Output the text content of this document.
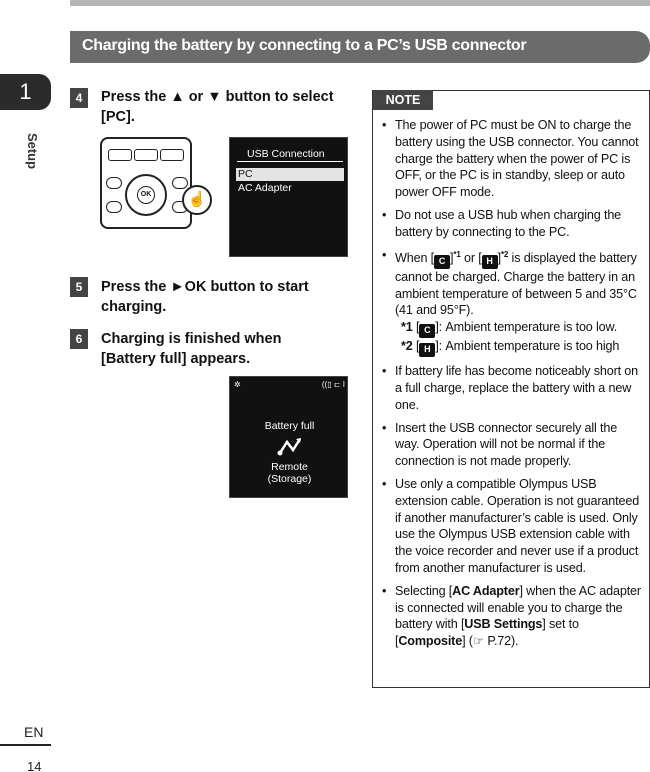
Charging the battery by connecting to a PC’s USB connector
1
Setup
4	Press the ▲ or ▼ button to select
[PC].
OK	☝
USB Connection
PC
AC Adapter
5	Press the ►OK button to start
charging.
6	Charging is finished when
[Battery full] appears.
✲	((▯ ⊏ I
Battery full
Remote
(Storage)
NOTE
• The power of PC must be ON to charge the battery using the USB connector. You cannot charge the battery when the power of PC is OFF, or the PC is in standby, sleep or auto power OFF mode.
• Do not use a USB hub when charging the battery by connecting to the PC.
• When [ C ]$^{*1}$ or [ H ]$^{*2}$ is displayed the battery cannot be charged. Charge the battery in an ambient temperature of between 5 and 35°C (41 and 95°F).
*1 [ C ]: Ambient temperature is too low.
*2 [ H ]: Ambient temperature is too high
• If battery life has become noticeably short on a full charge, replace the battery with a new one.
• Insert the USB connector securely all the way. Operation will not be normal if the connection is not made properly.
• Use only a compatible Olympus USB extension cable. Operation is not guaranteed if another manufacturer’s cable is used. Only use the Olympus USB extension cable with the voice recorder and never use if a product from another manufacturer is used.
• Selecting [AC Adapter] when the AC adapter is connected will enable you to charge the battery with [USB Settings] set to [Composite] (☞ P.72).
EN
14
